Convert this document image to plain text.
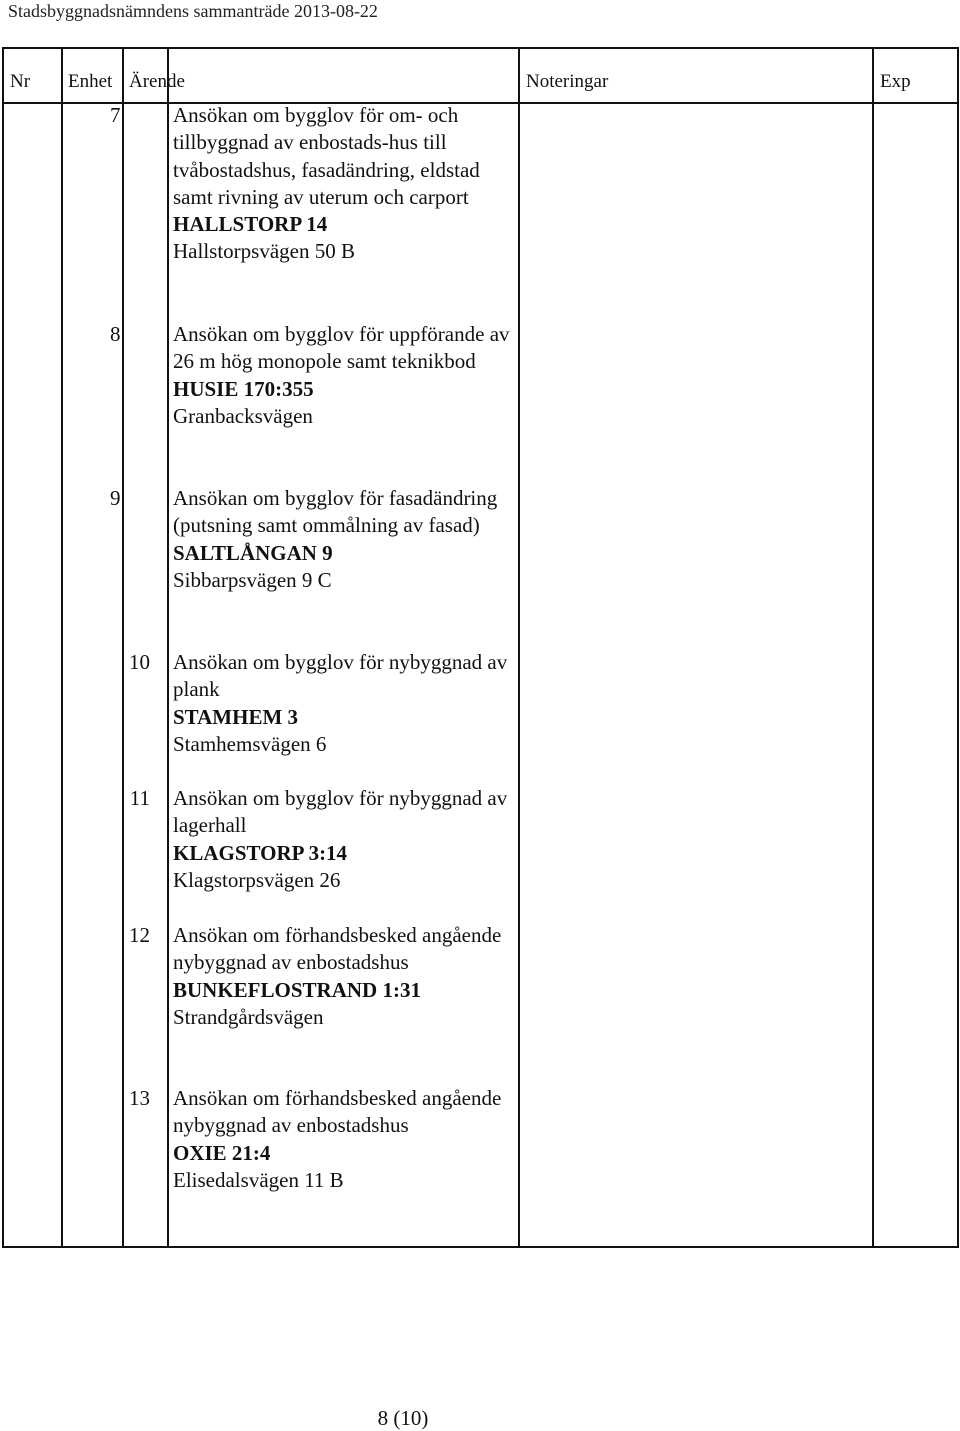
Stadsbyggnadsnämndens sammanträde 2013-08-22
Nr Enhet Ärende	Noteringar	Exp
7	Ansökan om bygglov för om- och tillbyggnad av enbostads-hus till tvåbostadshus, fasadändring, eldstad samt rivning av uterum och carport
HALLSTORP 14
Hallstorpsvägen 50 B
8	Ansökan om bygglov för uppförande av 26 m hög monopole samt teknikbod
HUSIE 170:355
Granbacksvägen
9	Ansökan om bygglov för fasadändring (putsning samt ommålning av fasad)
SALTLÅNGAN 9
Sibbarpsvägen 9 C
10 Ansökan om bygglov för nybyggnad av plank
STAMHEM 3
Stamhemsvägen 6
11 Ansökan om bygglov för nybyggnad av lagerhall
KLAGSTORP 3:14
Klagstorpsvägen 26
12 Ansökan om förhandsbesked angående nybyggnad av enbostadshus
BUNKEFLOSTRAND 1:31
Strandgårdsvägen
13 Ansökan om förhandsbesked angående nybyggnad av enbostadshus
OXIE 21:4
Elisedalsvägen 11 B
8 (10)
